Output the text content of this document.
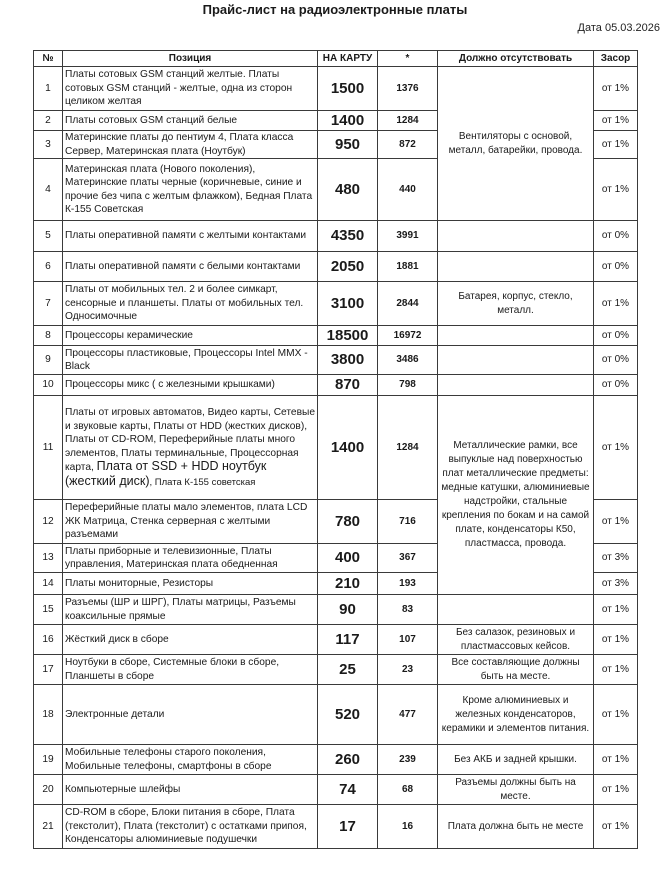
Прайс-лист на радиоэлектронные платы
Дата 05.03.2026
№	Позиция	НА КАРТУ	*	Должно отсутствовать	Засор
1	Платы сотовых GSM станций желтые. Платы сотовых GSM станций - желтые, одна из сторон целиком желтая	1500	1376	Вентиляторы с основой, металл, батарейки, провода.	от 1%
2	Платы сотовых GSM станций белые	1400	1284		от 1%
3	Материнские платы до пентиум 4, Плата класса Сервер, Материнская плата (Ноутбук)	950	872		от 1%
4	Материнская плата (Нового поколения), Материнские платы черные (коричневые, синие и прочие без чипа с желтым флажком), Бедная Плата К-155 Советская	480	440		от 1%
5	Платы оперативной памяти с желтыми контактами	4350	3991		от 0%
6	Платы оперативной памяти с белыми контактами	2050	1881		от 0%
7	Платы от мобильных тел. 2 и более симкарт, сенсорные и планшеты. Платы от мобильных тел. Односимочные	3100	2844	Батарея, корпус, стекло, металл.	от 1%
8	Процессоры керамические	18500	16972		от 0%
9	Процессоры пластиковые, Процессоры Intel MMX - Black	3800	3486		от 0%
10	Процессоры микс ( с железными крышками)	870	798		от 0%
11	Платы от игровых автоматов, Видео карты, Сетевые и звуковые карты, Платы от HDD (жестких дисков), Платы от CD-ROM, Переферийные платы много элементов, Платы терминальные, Процессорная карта, Плата от SSD + HDD ноутбук (жесткий диск), Плата К-155 советская	1400	1284	Металлические рамки, все выпуклые над поверхностью плат металлические предметы: медные катушки, алюминиевые надстройки, стальные крепления по бокам и на самой плате, конденсаторы К50, пластмасса, провода.	от 1%
12	Переферийные платы мало элементов, плата LCD ЖК Матрица, Стенка серверная с желтыми разъемами	780	716		от 1%
13	Платы приборные и телевизионные, Платы управления, Материнская плата обедненная	400	367		от 3%
14	Платы мониторные, Резисторы	210	193		от 3%
15	Разъемы (ШР и ШРГ), Платы матрицы, Разъемы коаксильные прямые	90	83		от 1%
16	Жёсткий диск в сборе	117	107	Без салазок, резиновых и пластмассовых кейсов.	от 1%
17	Ноутбуки в сборе, Системные блоки в сборе, Планшеты в сборе	25	23	Все составляющие должны быть на месте.	от 1%
18	Электронные детали	520	477	Кроме алюминиевых и железных конденсаторов, керамики и элементов питания.	от 1%
19	Мобильные телефоны старого поколения, Мобильные телефоны, смартфоны в сборе	260	239	Без АКБ и задней крышки.	от 1%
20	Компьютерные шлейфы	74	68	Разъемы должны быть на месте.	от 1%
21	CD-ROM в сборе, Блоки питания в сборе, Плата (текстолит), Плата (текстолит) с остатками припоя, Конденсаторы алюминиевые подушечки	17	16	Плата должна быть не месте	от 1%
